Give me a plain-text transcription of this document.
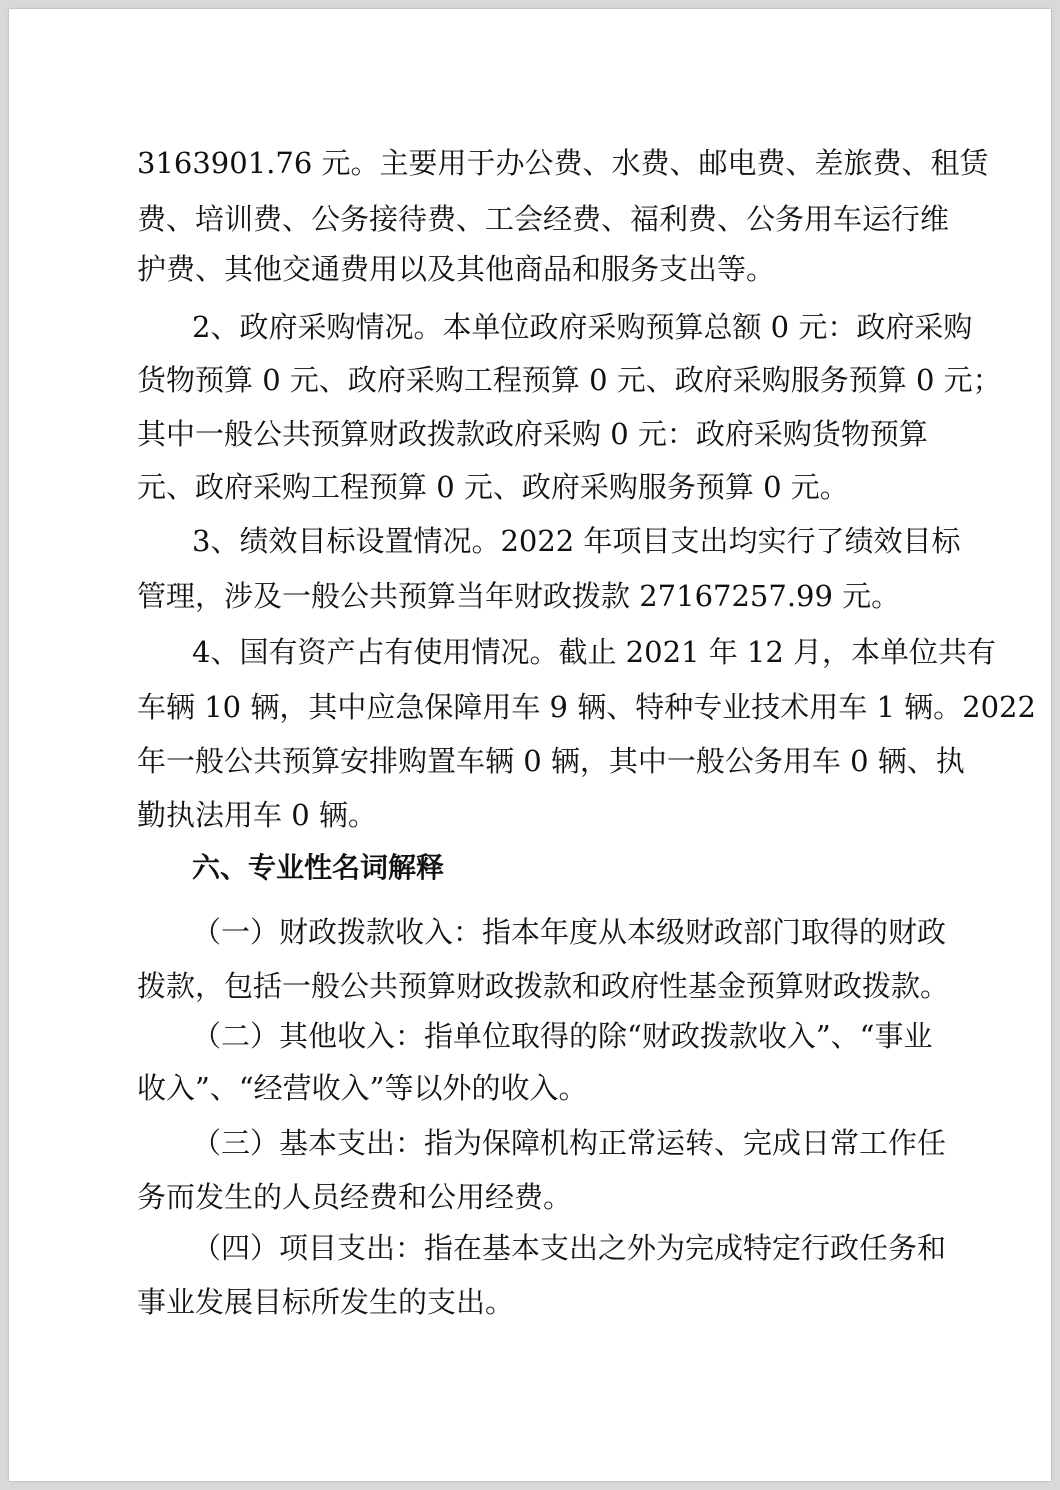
3163901.76 元。主要用于办公费、水费、邮电费、差旅费、租赁
费、培训费、公务接待费、工会经费、福利费、公务用车运行维
护费、其他交通费用以及其他商品和服务支出等。
2、政府采购情况。本单位政府采购预算总额 0 元：政府采购
货物预算 0 元、政府采购工程预算 0 元、政府采购服务预算 0 元；
其中一般公共预算财政拨款政府采购 0 元：政府采购货物预算
元、政府采购工程预算 0 元、政府采购服务预算 0 元。
3、绩效目标设置情况。2022 年项目支出均实行了绩效目标
管理，涉及一般公共预算当年财政拨款 27167257.99 元。
4、国有资产占有使用情况。截止 2021 年 12 月，本单位共有
车辆 10 辆，其中应急保障用车 9 辆、特种专业技术用车 1 辆。2022
年一般公共预算安排购置车辆 0 辆，其中一般公务用车 0 辆、执
勤执法用车 0 辆。
六、专业性名词解释
（一）财政拨款收入：指本年度从本级财政部门取得的财政
拨款，包括一般公共预算财政拨款和政府性基金预算财政拨款。
（二）其他收入：指单位取得的除“财政拨款收入”、“事业
收入”、“经营收入”等以外的收入。
（三）基本支出：指为保障机构正常运转、完成日常工作任
务而发生的人员经费和公用经费。
（四）项目支出：指在基本支出之外为完成特定行政任务和
事业发展目标所发生的支出。
